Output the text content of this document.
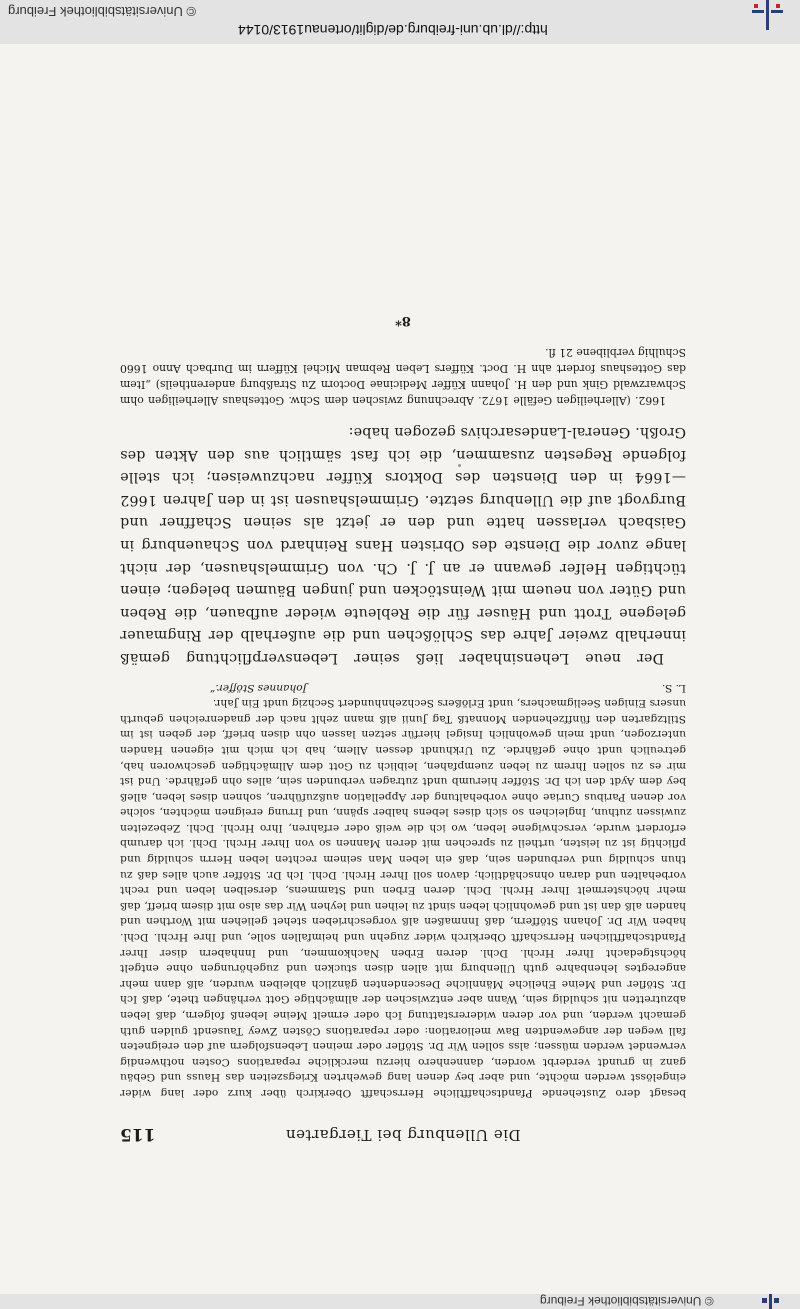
© Universitätsbibliothek Freiburg
http://dl.ub.uni-freiburg.de/diglit/ortenau1913/0144
Die Ullenburg bei Tiergarten
115
besagt dero Zustehende Pfandtschafftliche Herrschafft Oberkirch über kurz oder lang wider eingelösst werden möchte, und aber bey denen lang gewehrten Kriegszeiten das Hauss und Gebäu ganz in grundt verderbt worden, dannenhero hierzu merckliche reparations Costen nothwendig verwendet werden müssen; alss sollen Wir Dr. Stöfler oder meinen Lebensfolgern auf den ereigneten fall wegen der angewendten Baw melioration: oder reparations Cösten Zwey Tausendt gulden guth gemacht werden, und vor deren widererstattung Ich oder ermelt Meine lebenß folgern, daß leben abzutretten nit schuldig sein, Wann aber entzwischen der allmächtige Gott verhängen thete, daß Ich Dr. Stöfler und Meine Eheliche Männliche Descendenten gänzlich ableiben wurden, alß dann mehr angeregtes lehenbahre guth Ullenburg mit allen disen stucken und zugehörungen ohne entgelt höchstgedacht Ihrer Hrchl. Dchl. deren Erben Nachkommen, und Innhabern diser Ihrer Pfandtschafftlichen Herrschafft Oberkirch wider zugehn und heimfallen solle, und Ihre Hrchl. Dchl. haben Wir Dr. Johann Stöffern, daß Innmaßen alß vorgeschrieben stehet geliehen mit Worthen und handen alß dan ist und gewohnlich leben sindt zu leihen und leyhen Wir das also mit disem brieff, daß mehr höchstermelt Ihrer Hrchl. Dchl. deren Erben und Stammens, derselben leben und recht vorbehalten und daran ohnschädtlich; davon soll Ihrer Hrchl. Dchl. Ich Dr. Stöffer auch alles daß zu thun schuldig und verbunden sein, daß ein leben Man seinem rechten leben Herrn schuldig und pflichtig ist zu leisten, urtheil zu sprechen mit deren Mannen so von Ihrer Hrchl. Dchl. ich darumb erfordert wurde, verschwigene leben, wo ich die weiß oder erfahren, Ihro Hrchl. Dchl. Zebezeiten zuwissen zuthun, Ingleichen so sich dises lebens halber spänn, und Irrung ereignen möchten, solche vor denen Paribus Curiae ohne vorbehaltung der Appellation außzuführen, sohnen dises leben, alleß bey dem Aydt den ich Dr. Stöffer hierumb undt zutragen verbunden sein, alles ohn gefährde. Und ist mir es zu sollen Ihrem zu leben zuempfahen, leiblich zu Gott dem Allmächtigen geschworen hab, getreulich undt ohne gefährde. Zu Urkhundt dessen Allem, hab ich mich mit eigenen Handen unterzogen, undt mein gewohnlich Insigel hierfür setzen lassen ohn disen brieff, der geben ist im Stiltzgarten den fünffzehenden Monnatß Tag Junii alß mann zehlt nach der gnadenreichen geburth unsers Einigen Seeligmachers, undt Erlößers Sechzehnhundert Sechzig undt Ein Jahr.
L. S.
Johannes Stöffer.“
Der neue Lehensinhaber ließ seiner Lebensverpflichtung gemäß innerhalb zweier Jahre das Schlößchen und die außerhalb der Ringmauer gelegene Trott und Häuser für die Rebleute wieder aufbauen, die Reben und Güter von neuem mit Weinstöcken und jungen Bäumen belegen; einen tüchtigen Helfer gewann er an J. J. Ch. von Grimmelshausen, der nicht lange zuvor die Dienste des Obristen Hans Reinhard von Schauenburg in Gaisbach verlassen hatte und den er jetzt als seinen Schaffner und Burgvogt auf die Ullenburg setzte. Grimmelshausen ist in den Jahren 1662—1664 in den Diensten des Doktors Küffer nachzuweisen; ich stelle folgende Regesten zusammen, die ich fast sämtlich aus den Akten des Großh. General-Landesarchivs gezogen habe:
1662. (Allerheiligen Gefälle 1672. Abrechnung zwischen dem Schw. Gotteshaus Allerheiligen ohm Schwarzwald Gink und den H. Johann Küffer Medicinae Doctorn Zu Straßburg anderentheils) „Item das Gotteshaus fordert ahn H. Doct. Küffers Leben Rebman Michel Küffern im Durbach Anno 1660 Schulhig verblibene 21 fl.
8*
© Universitätsbibliothek Freiburg
